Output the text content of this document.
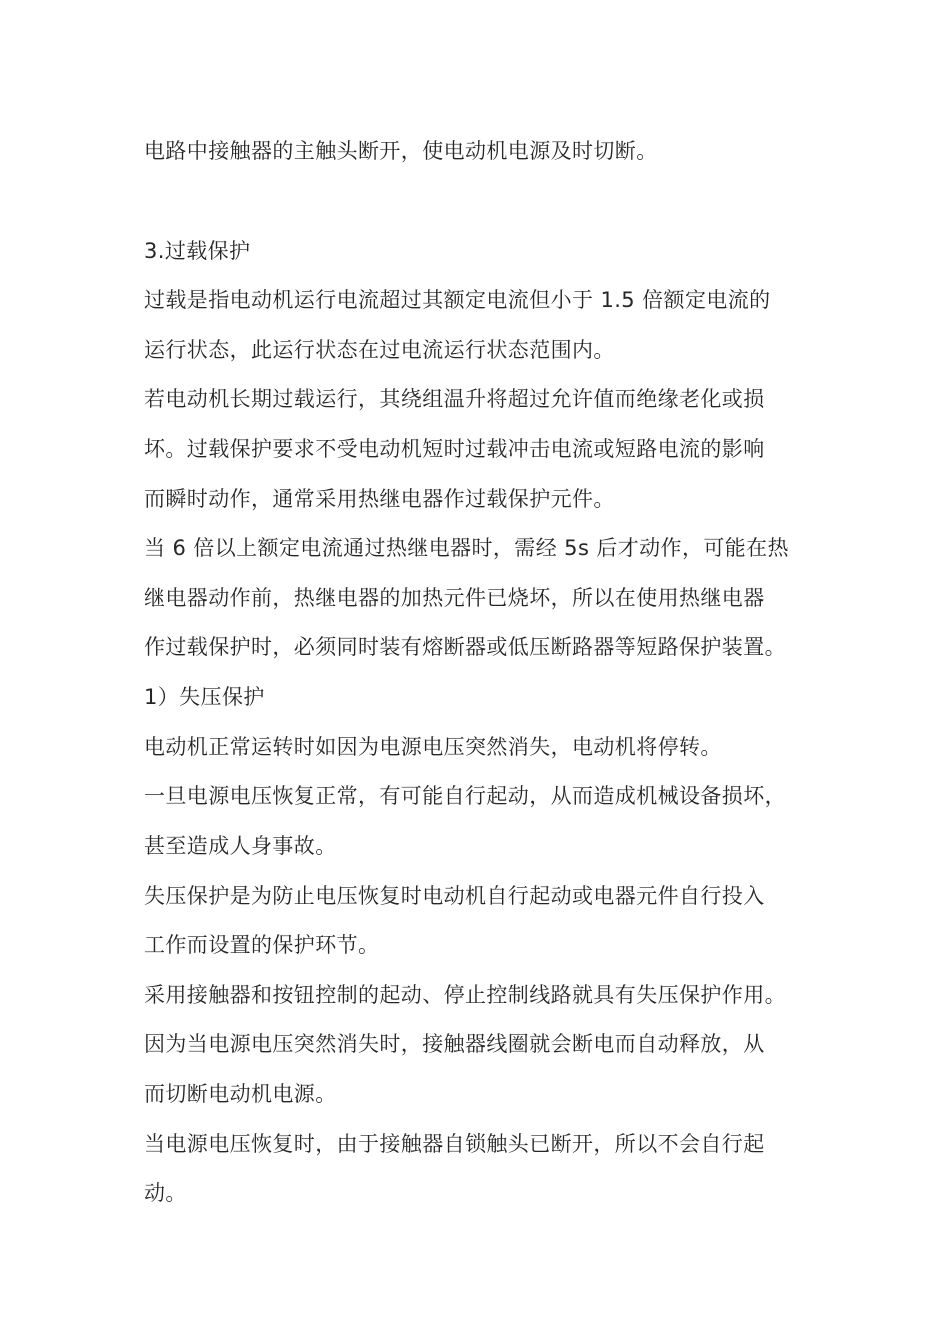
电路中接触器的主触头断开，使电动机电源及时切断。
3.过载保护
过载是指电动机运行电流超过其额定电流但小于 1.5 倍额定电流的
运行状态，此运行状态在过电流运行状态范围内。
若电动机长期过载运行，其绕组温升将超过允许值而绝缘老化或损
坏。过载保护要求不受电动机短时过载冲击电流或短路电流的影响
而瞬时动作，通常采用热继电器作过载保护元件。
当 6 倍以上额定电流通过热继电器时，需经 5s 后才动作，可能在热
继电器动作前，热继电器的加热元件已烧坏，所以在使用热继电器
作过载保护时，必须同时装有熔断器或低压断路器等短路保护装置。
1）失压保护
电动机正常运转时如因为电源电压突然消失，电动机将停转。
一旦电源电压恢复正常，有可能自行起动，从而造成机械设备损坏，
甚至造成人身事故。
失压保护是为防止电压恢复时电动机自行起动或电器元件自行投入
工作而设置的保护环节。
采用接触器和按钮控制的起动、停止控制线路就具有失压保护作用。
因为当电源电压突然消失时，接触器线圈就会断电而自动释放，从
而切断电动机电源。
当电源电压恢复时，由于接触器自锁触头已断开，所以不会自行起
动。
